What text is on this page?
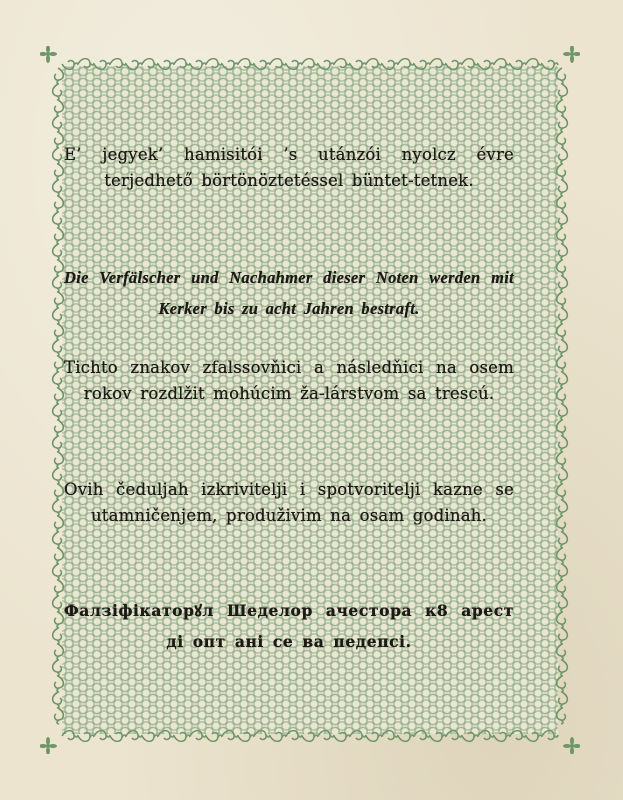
E’ jegyek’ hamisitói ’s utánzói nyolcz évre terjedhető börtönöztetéssel büntet-tetnek.

Die Verfälscher und Nachahmer dieser Noten werden mit Kerker bis zu acht Jahren bestraft.

Tichto znakov zfalssovňici a následňici na osem rokov rozdlžit mohúcim ža-lárstvom sa trescú.

Ovih čeduljah izkrivitelji i spotvoritelji kazne se utamničenjem, produživim na osam godinah.

Фалзіфікаторꙋл Шеделор ачестора к8 арест ді опт ані се ва педепсі.
